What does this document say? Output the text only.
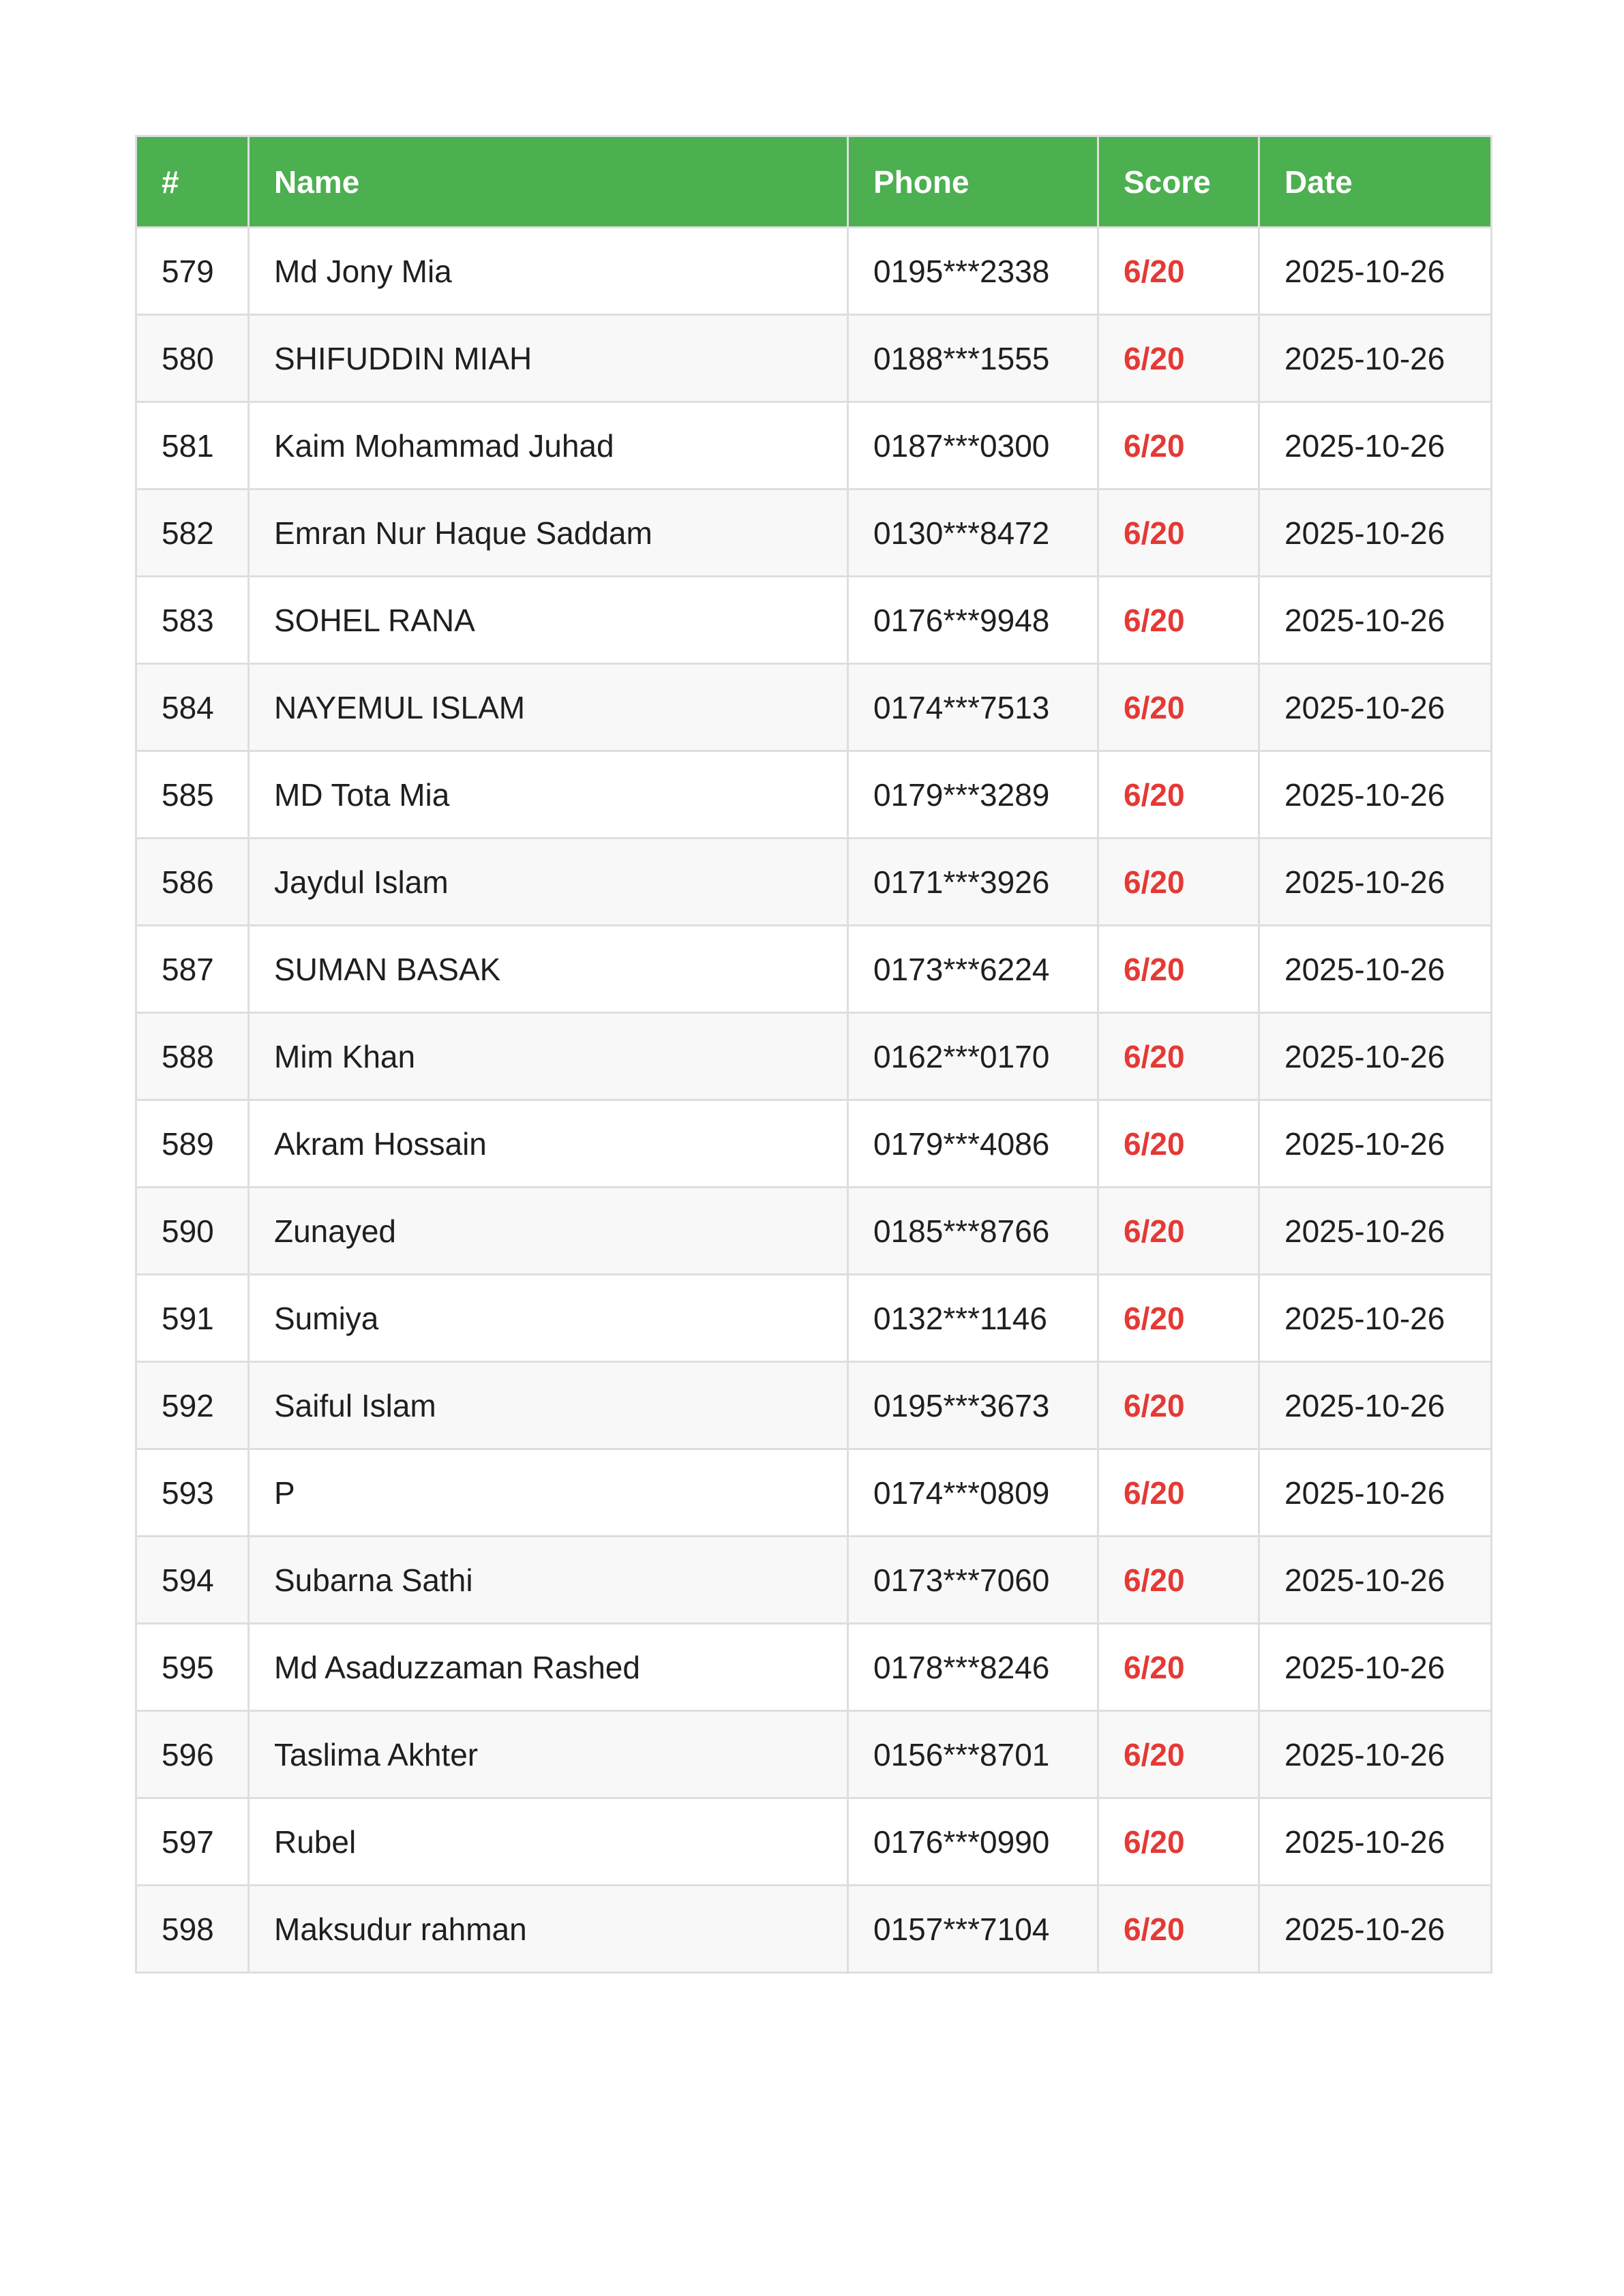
#	Name	Phone	Score	Date
579	Md Jony Mia	0195***2338	6/20	2025-10-26
580	SHIFUDDIN MIAH	0188***1555	6/20	2025-10-26
581	Kaim Mohammad Juhad	0187***0300	6/20	2025-10-26
582	Emran Nur Haque Saddam	0130***8472	6/20	2025-10-26
583	SOHEL RANA	0176***9948	6/20	2025-10-26
584	NAYEMUL ISLAM	0174***7513	6/20	2025-10-26
585	MD Tota Mia	0179***3289	6/20	2025-10-26
586	Jaydul Islam	0171***3926	6/20	2025-10-26
587	SUMAN BASAK	0173***6224	6/20	2025-10-26
588	Mim Khan	0162***0170	6/20	2025-10-26
589	Akram Hossain	0179***4086	6/20	2025-10-26
590	Zunayed	0185***8766	6/20	2025-10-26
591	Sumiya	0132***1146	6/20	2025-10-26
592	Saiful Islam	0195***3673	6/20	2025-10-26
593	P	0174***0809	6/20	2025-10-26
594	Subarna Sathi	0173***7060	6/20	2025-10-26
595	Md Asaduzzaman Rashed	0178***8246	6/20	2025-10-26
596	Taslima Akhter	0156***8701	6/20	2025-10-26
597	Rubel	0176***0990	6/20	2025-10-26
598	Maksudur rahman	0157***7104	6/20	2025-10-26
